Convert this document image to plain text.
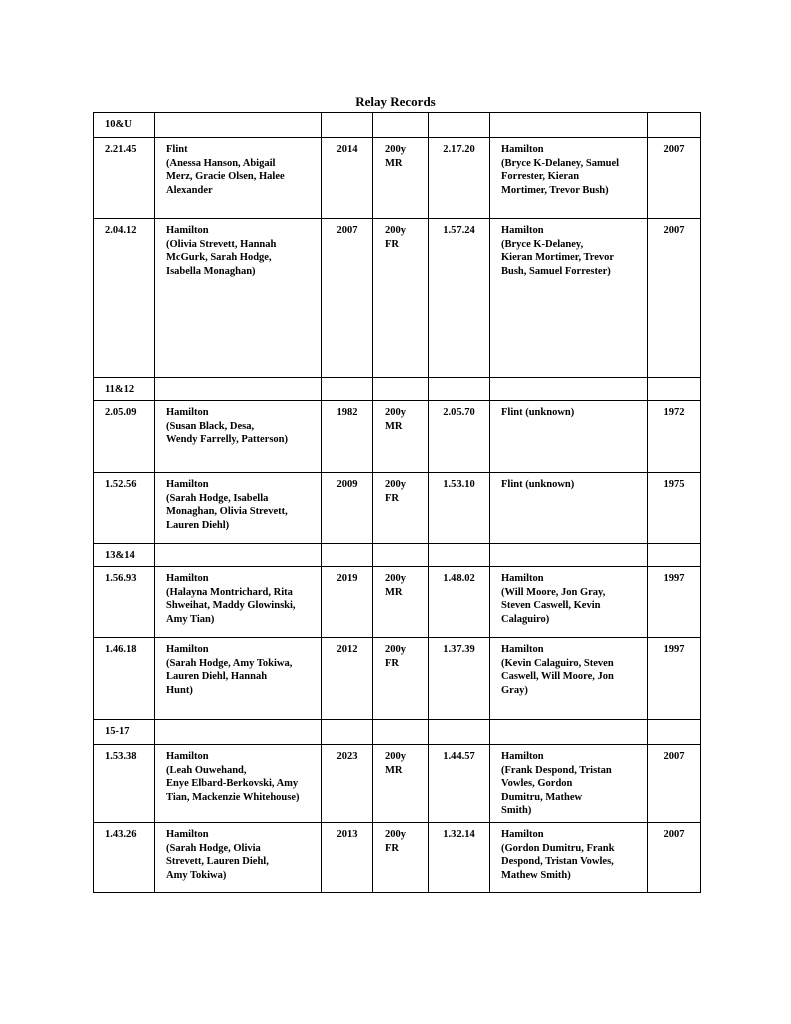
Relay Records
10&U						
2.21.45	Flint
(Anessa Hanson, Abigail
Merz, Gracie Olsen, Halee
Alexander	2014	200y
MR	2.17.20	Hamilton
(Bryce K-Delaney, Samuel
Forrester, Kieran
Mortimer, Trevor Bush)	2007
2.04.12	Hamilton
(Olivia Strevett, Hannah
McGurk, Sarah Hodge,
Isabella Monaghan)	2007	200y
FR	1.57.24	Hamilton
(Bryce K-Delaney,
Kieran Mortimer, Trevor
Bush, Samuel Forrester)	2007
11&12						
2.05.09	Hamilton
(Susan Black, Desa,
Wendy Farrelly, Patterson)	1982	200y
MR	2.05.70	Flint (unknown)	1972
1.52.56	Hamilton
(Sarah Hodge, Isabella
Monaghan, Olivia Strevett,
Lauren Diehl)	2009	200y
FR	1.53.10	Flint (unknown)	1975
13&14						
1.56.93	Hamilton
(Halayna Montrichard, Rita
Shweihat, Maddy Glowinski,
Amy Tian)	2019	200y
MR	1.48.02	Hamilton
(Will Moore, Jon Gray,
Steven Caswell, Kevin
Calaguiro)	1997
1.46.18	Hamilton
(Sarah Hodge, Amy Tokiwa,
Lauren Diehl, Hannah
Hunt)	2012	200y
FR	1.37.39	Hamilton
(Kevin Calaguiro, Steven
Caswell, Will Moore, Jon
Gray)	1997
15-17						
1.53.38	Hamilton
(Leah Ouwehand,
Enye Elbard-Berkovski, Amy
Tian, Mackenzie Whitehouse)	2023	200y
MR	1.44.57	Hamilton
(Frank Despond, Tristan
Vowles, Gordon
Dumitru, Mathew
Smith)	2007
1.43.26	Hamilton
(Sarah Hodge, Olivia
Strevett, Lauren Diehl,
Amy Tokiwa)	2013	200y
FR	1.32.14	Hamilton
(Gordon Dumitru, Frank
Despond, Tristan Vowles,
Mathew Smith)	2007
